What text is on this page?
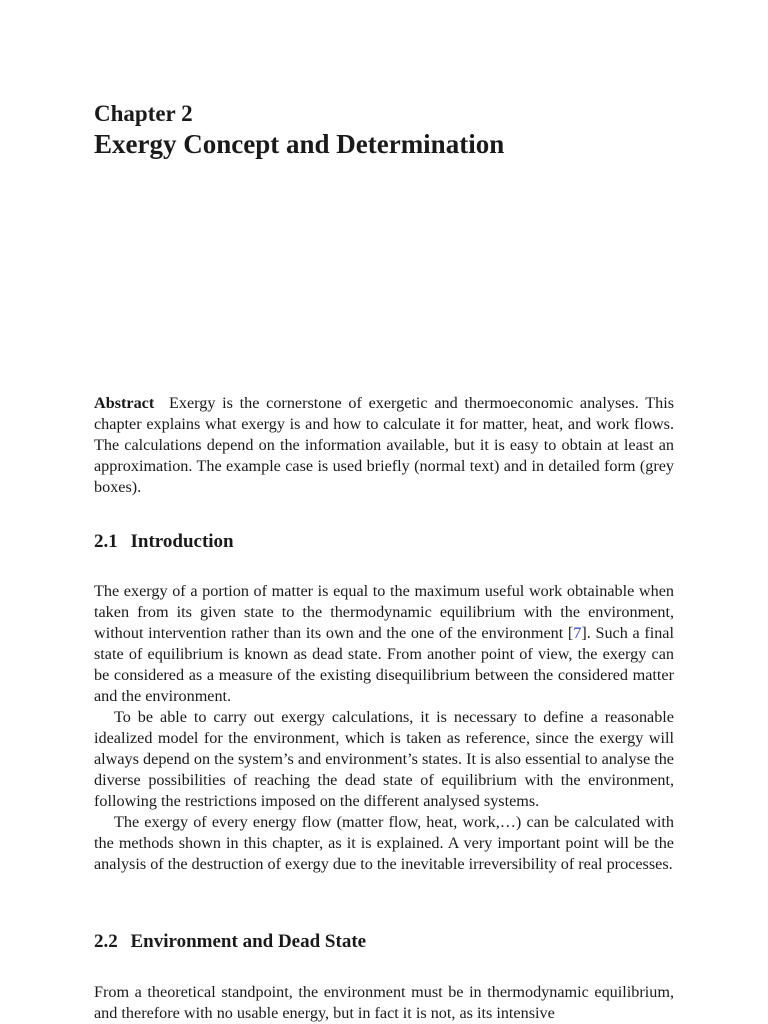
Chapter 2
Exergy Concept and Determination

Abstract Exergy is the cornerstone of exergetic and thermoeconomic analyses. This chapter explains what exergy is and how to calculate it for matter, heat, and work flows. The calculations depend on the information available, but it is easy to obtain at least an approximation. The example case is used briefly (normal text) and in detailed form (grey boxes).

2.1 Introduction

The exergy of a portion of matter is equal to the maximum useful work obtainable when taken from its given state to the thermodynamic equilibrium with the environment, without intervention rather than its own and the one of the environment [7]. Such a final state of equilibrium is known as dead state. From another point of view, the exergy can be considered as a measure of the existing disequilibrium between the considered matter and the environment.

To be able to carry out exergy calculations, it is necessary to define a reasonable idealized model for the environment, which is taken as reference, since the exergy will always depend on the system’s and environment’s states. It is also essential to analyse the diverse possibilities of reaching the dead state of equilibrium with the environment, following the restrictions imposed on the different analysed systems.

The exergy of every energy flow (matter flow, heat, work,…) can be calculated with the methods shown in this chapter, as it is explained. A very important point will be the analysis of the destruction of exergy due to the inevitable irreversibility of real processes.

2.2 Environment and Dead State

From a theoretical standpoint, the environment must be in thermodynamic equilibrium, and therefore with no usable energy, but in fact it is not, as its intensive
